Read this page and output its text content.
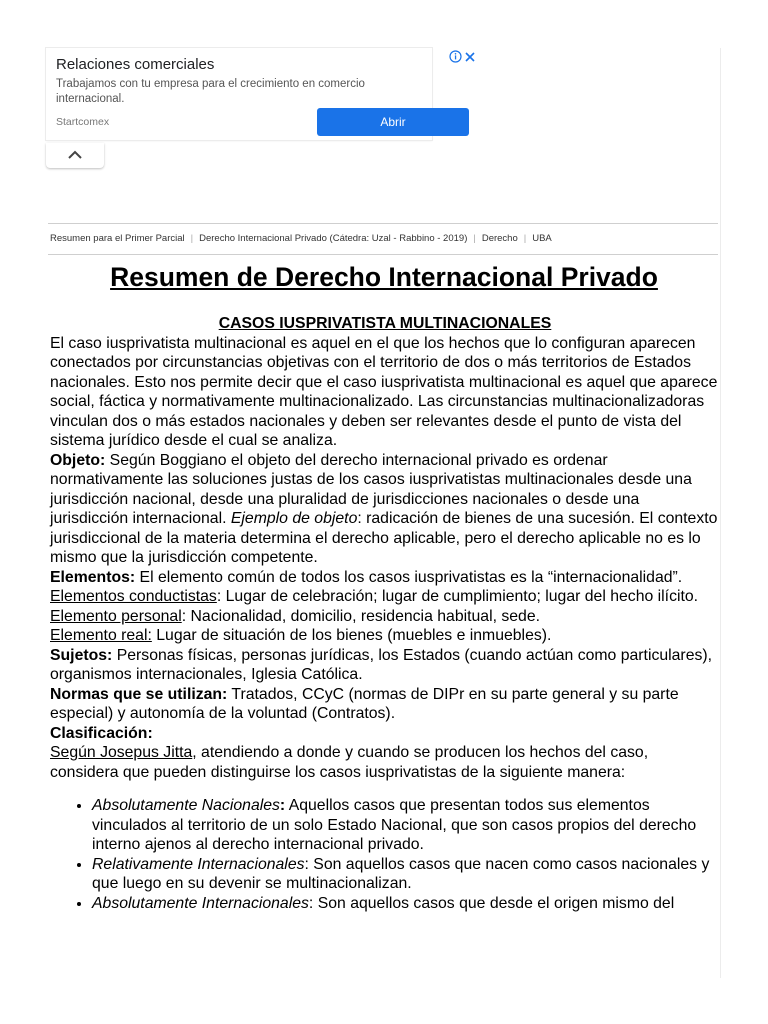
Relaciones comerciales
Trabajamos con tu empresa para el crecimiento en comercio internacional.
Startcomex	Abrir
Resumen para el Primer Parcial | Derecho Internacional Privado (Cátedra: Uzal - Rabbino - 2019) | Derecho | UBA
Resumen de Derecho Internacional Privado

CASOS IUSPRIVATISTA MULTINACIONALES

El caso iusprivatista multinacional es aquel en el que los hechos que lo configuran aparecen conectados por circunstancias objetivas con el territorio de dos o más territorios de Estados nacionales. Esto nos permite decir que el caso iusprivatista multinacional es aquel que aparece social, fáctica y normativamente multinacionalizado. Las circunstancias multinacionalizadoras vinculan dos o más estados nacionales y deben ser relevantes desde el punto de vista del sistema jurídico desde el cual se analiza.

Objeto: Según Boggiano el objeto del derecho internacional privado es ordenar normativamente las soluciones justas de los casos iusprivatistas multinacionales desde una jurisdicción nacional, desde una pluralidad de jurisdicciones nacionales o desde una jurisdicción internacional. Ejemplo de objeto: radicación de bienes de una sucesión. El contexto jurisdiccional de la materia determina el derecho aplicable, pero el derecho aplicable no es lo mismo que la jurisdicción competente.

Elementos: El elemento común de todos los casos iusprivatistas es la “internacionalidad”.

Elementos conductistas: Lugar de celebración; lugar de cumplimiento; lugar del hecho ilícito.

Elemento personal: Nacionalidad, domicilio, residencia habitual, sede.

Elemento real: Lugar de situación de los bienes (muebles e inmuebles).

Sujetos: Personas físicas, personas jurídicas, los Estados (cuando actúan como particulares), organismos internacionales, Iglesia Católica.

Normas que se utilizan: Tratados, CCyC (normas de DIPr en su parte general y su parte especial) y autonomía de la voluntad (Contratos).

Clasificación:

Según Josepus Jitta, atendiendo a donde y cuando se producen los hechos del caso, considera que pueden distinguirse los casos iusprivatistas de la siguiente manera:

• Absolutamente Nacionales: Aquellos casos que presentan todos sus elementos vinculados al territorio de un solo Estado Nacional, que son casos propios del derecho interno ajenos al derecho internacional privado.
• Relativamente Internacionales: Son aquellos casos que nacen como casos nacionales y que luego en su devenir se multinacionalizan.
• Absolutamente Internacionales: Son aquellos casos que desde el origen mismo del
